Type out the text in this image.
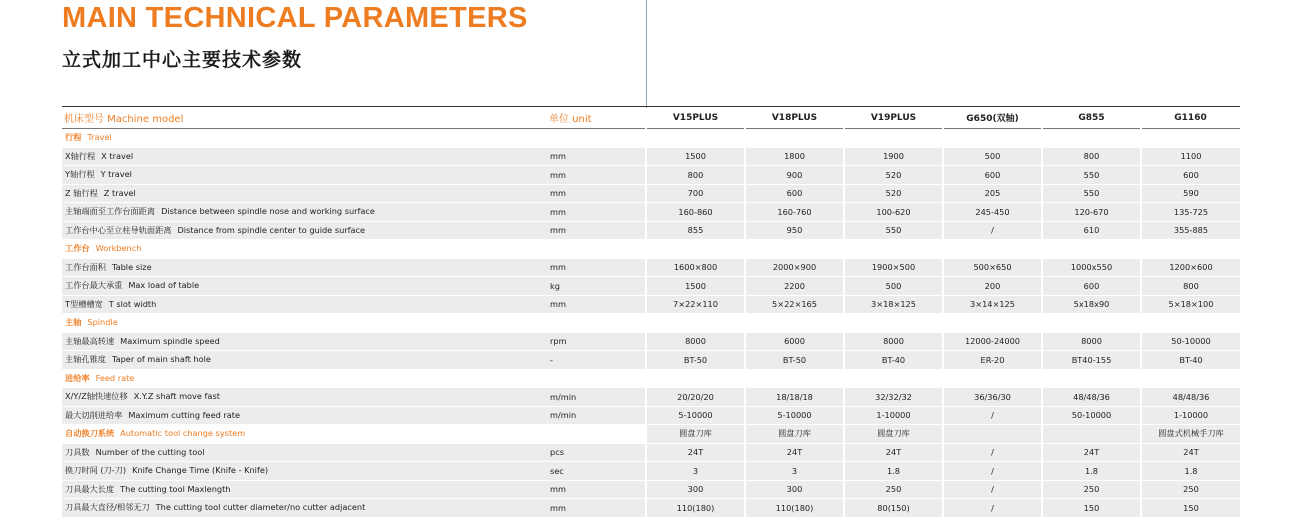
MAIN TECHNICAL PARAMETERS
立式加工中心主要技术参数
机床型号 Machine model	单位 unit	V15PLUS	V18PLUS	V19PLUS	G650(双轴)	G855	G1160
行程 Travel							
X轴行程 X travel	mm	1500	1800	1900	500	800	1100
Y轴行程 Y travel	mm	800	900	520	600	550	600
Z 轴行程 Z travel	mm	700	600	520	205	550	590
主轴端面至工作台面距离 Distance between spindle nose and working surface	mm	160-860	160-760	100-620	245-450	120-670	135-725
工作台中心至立柱导轨面距离 Distance from spindle center to guide surface	mm	855	950	550	/	610	355-885
工作台 Workbench							
工作台面积 Table size	mm	1600×800	2000×900	1900×500	500×650	1000x550	1200×600
工作台最大承重 Max load of table	kg	1500	2200	500	200	600	800
T型槽槽宽 T slot width	mm	7×22×110	5×22×165	3×18×125	3×14×125	5x18x90	5×18×100
主轴 Spindle							
主轴最高转速 Maximum spindle speed	rpm	8000	6000	8000	12000-24000	8000	50-10000
主轴孔锥度 Taper of main shaft hole	-	BT-50	BT-50	BT-40	ER-20	BT40-155	BT-40
进给率 Feed rate							
X/Y/Z轴快速位移 X.Y.Z shaft move fast	m/min	20/20/20	18/18/18	32/32/32	36/36/30	48/48/36	48/48/36
最大切削进给率 Maximum cutting feed rate	m/min	5-10000	5-10000	1-10000	/	50-10000	1-10000
自动换刀系统 Automatic tool change system		圆盘刀库	圆盘刀库	圆盘刀库			圆盘式机械手刀库
刀具数 Number of the cutting tool	pcs	24T	24T	24T	/	24T	24T
换刀时间 (刀-刀) Knife Change Time (Knife - Knife)	sec	3	3	1.8	/	1.8	1.8
刀具最大长度 The cutting tool Maxlength	mm	300	300	250	/	250	250
刀具最大直径/相邻无刀 The cutting tool cutter diameter/no cutter adjacent	mm	110(180)	110(180)	80(150)	/	150	150
